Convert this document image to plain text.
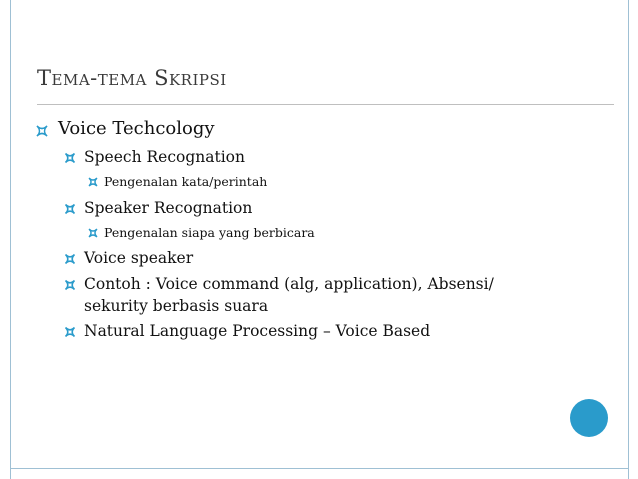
Tema-tema Skripsi
Voice Techcology
Speech Recognation
Pengenalan kata/perintah
Speaker Recognation
Pengenalan siapa yang berbicara
Voice speaker
Contoh : Voice command (alg, application), Absensi/
sekurity berbasis suara
Natural Language Processing – Voice Based
